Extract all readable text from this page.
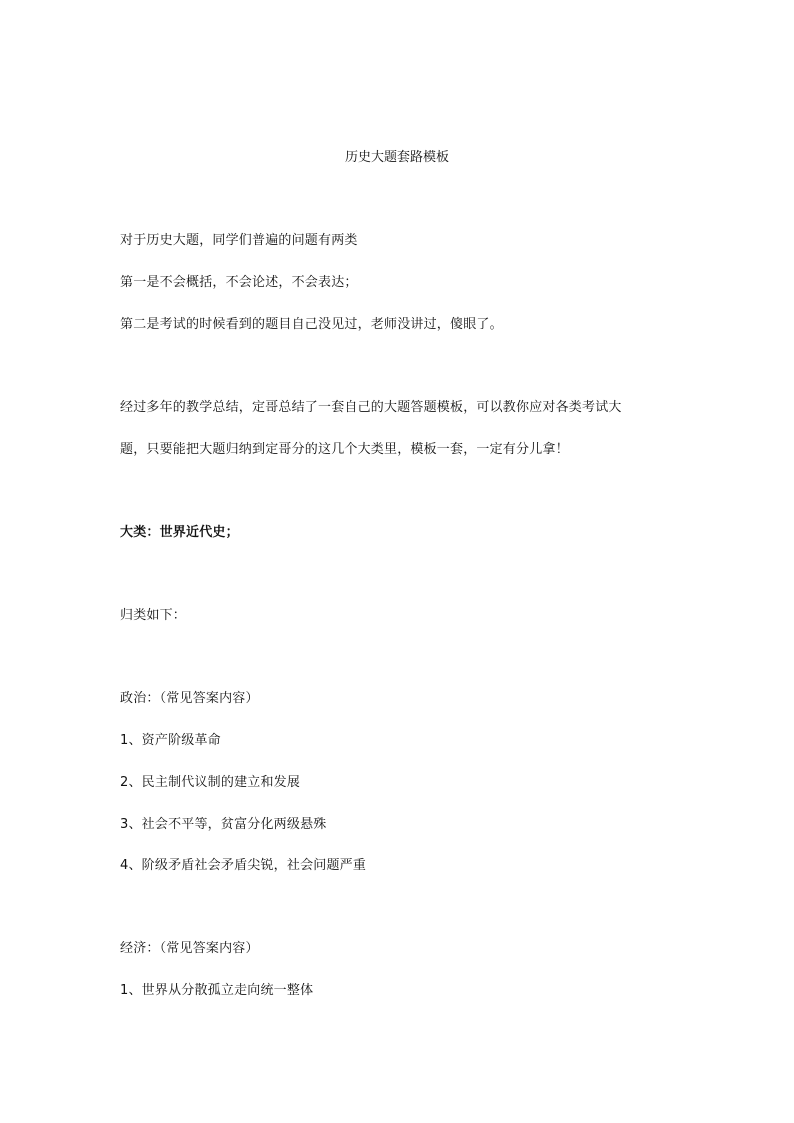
历史大题套路模板
对于历史大题，同学们普遍的问题有两类
第一是不会概括，不会论述，不会表达；
第二是考试的时候看到的题目自己没见过，老师没讲过，傻眼了。
经过多年的教学总结，定哥总结了一套自己的大题答题模板，可以教你应对各类考试大
题，只要能把大题归纳到定哥分的这几个大类里，模板一套，一定有分儿拿！
大类：世界近代史；
归类如下：
政治：（常见答案内容）
1、资产阶级革命
2、民主制代议制的建立和发展
3、社会不平等，贫富分化两级悬殊
4、阶级矛盾社会矛盾尖锐，社会问题严重
经济：（常见答案内容）
1、世界从分散孤立走向统一整体
